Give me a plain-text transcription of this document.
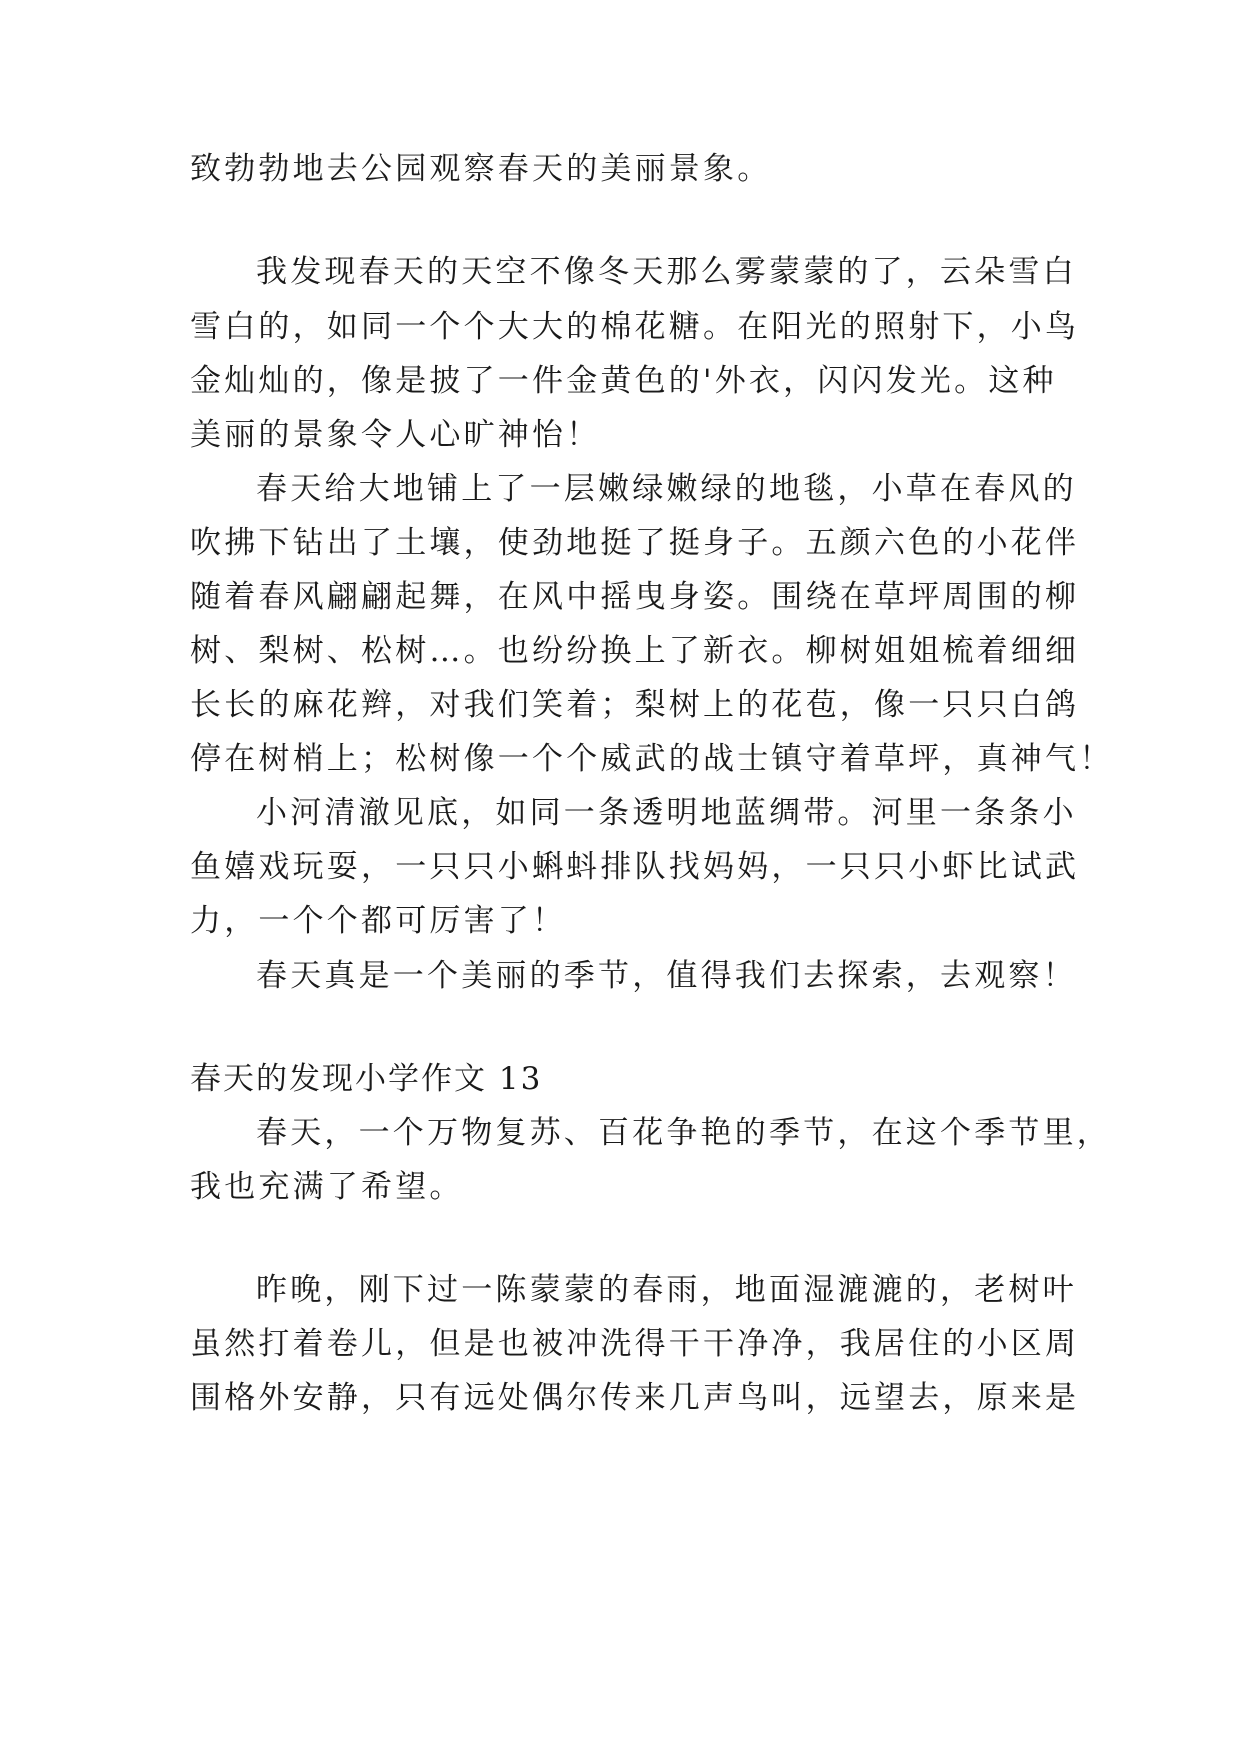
致勃勃地去公园观察春天的美丽景象。
我发现春天的天空不像冬天那么雾蒙蒙的了，云朵雪白
雪白的，如同一个个大大的棉花糖。在阳光的照射下，小鸟
金灿灿的，像是披了一件金黄色的'外衣，闪闪发光。这种
美丽的景象令人心旷神怡！
春天给大地铺上了一层嫩绿嫩绿的地毯，小草在春风的
吹拂下钻出了土壤，使劲地挺了挺身子。五颜六色的小花伴
随着春风翩翩起舞，在风中摇曳身姿。围绕在草坪周围的柳
树、梨树、松树…。也纷纷换上了新衣。柳树姐姐梳着细细
长长的麻花辫，对我们笑着；梨树上的花苞，像一只只白鸽
停在树梢上；松树像一个个威武的战士镇守着草坪，真神气！
小河清澈见底，如同一条透明地蓝绸带。河里一条条小
鱼嬉戏玩耍，一只只小蝌蚪排队找妈妈，一只只小虾比试武
力，一个个都可厉害了！
春天真是一个美丽的季节，值得我们去探索，去观察！
春天的发现小学作文 13
春天，一个万物复苏、百花争艳的季节，在这个季节里，
我也充满了希望。
昨晚，刚下过一陈蒙蒙的春雨，地面湿漉漉的，老树叶
虽然打着卷儿，但是也被冲洗得干干净净，我居住的小区周
围格外安静，只有远处偶尔传来几声鸟叫，远望去，原来是
